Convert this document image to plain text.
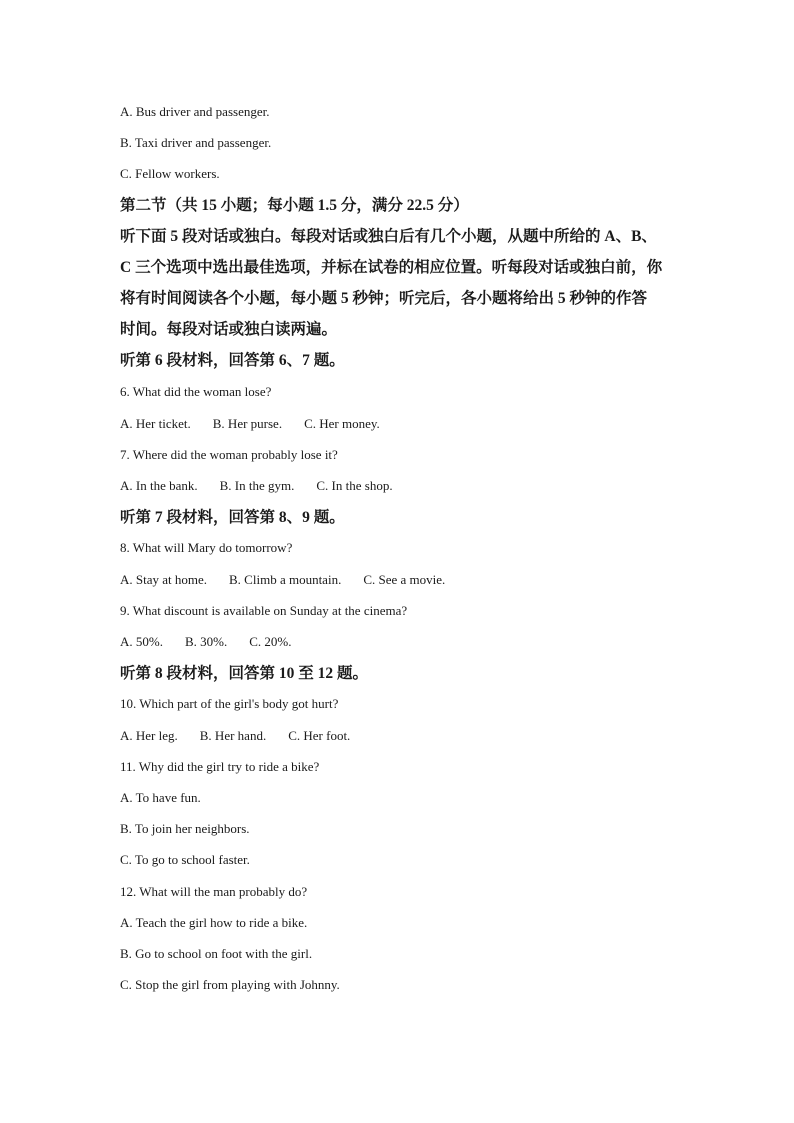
A. Bus driver and passenger.
B. Taxi driver and passenger.
C. Fellow workers.
第二节（共 15 小题；每小题 1.5 分，满分 22.5 分）
听下面 5 段对话或独白。每段对话或独白后有几个小题，从题中所给的 A、B、
C 三个选项中选出最佳选项，并标在试卷的相应位置。听每段对话或独白前，你
将有时间阅读各个小题，每小题 5 秒钟；听完后，各小题将给出 5 秒钟的作答
时间。每段对话或独白读两遍。
听第 6 段材料，回答第 6、7 题。
6. What did the woman lose?
A. Her ticket. B. Her purse. C. Her money.
7. Where did the woman probably lose it?
A. In the bank. B. In the gym. C. In the shop.
听第 7 段材料，回答第 8、9 题。
8. What will Mary do tomorrow?
A. Stay at home. B. Climb a mountain. C. See a movie.
9. What discount is available on Sunday at the cinema?
A. 50%. B. 30%. C. 20%.
听第 8 段材料，回答第 10 至 12 题。
10. Which part of the girl's body got hurt?
A. Her leg. B. Her hand. C. Her foot.
11. Why did the girl try to ride a bike?
A. To have fun.
B. To join her neighbors.
C. To go to school faster.
12. What will the man probably do?
A. Teach the girl how to ride a bike.
B. Go to school on foot with the girl.
C. Stop the girl from playing with Johnny.
